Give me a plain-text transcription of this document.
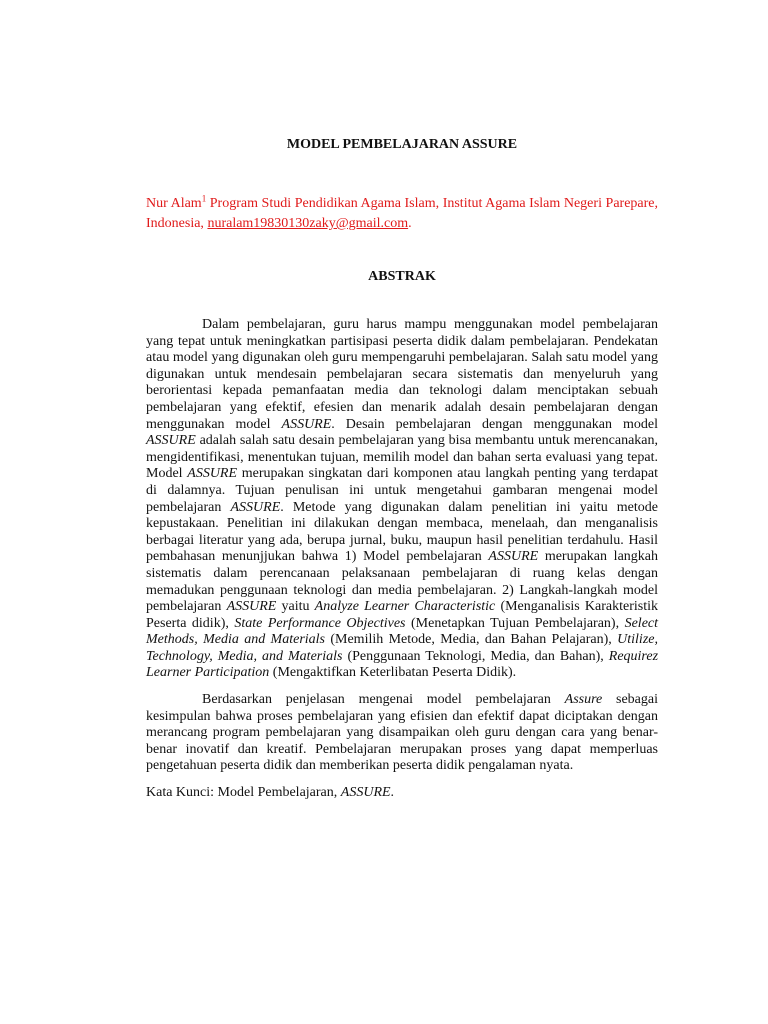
MODEL PEMBELAJARAN ASSURE
Nur Alam$^1$ Program Studi Pendidikan Agama Islam, Institut Agama Islam Negeri Parepare, Indonesia, nuralam19830130zaky@gmail.com.
ABSTRAK

Dalam pembelajaran, guru harus mampu menggunakan model pembelajaran yang tepat untuk meningkatkan partisipasi peserta didik dalam pembelajaran. Pendekatan atau model yang digunakan oleh guru mempengaruhi pembelajaran. Salah satu model yang digunakan untuk mendesain pembelajaran secara sistematis dan menyeluruh yang berorientasi kepada pemanfaatan media dan teknologi dalam menciptakan sebuah pembelajaran yang efektif, efesien dan menarik adalah desain pembelajaran dengan menggunakan model ASSURE. Desain pembelajaran dengan menggunakan model ASSURE adalah salah satu desain pembelajaran yang bisa membantu untuk merencanakan, mengidentifikasi, menentukan tujuan, memilih model dan bahan serta evaluasi yang tepat. Model ASSURE merupakan singkatan dari komponen atau langkah penting yang terdapat di dalamnya. Tujuan penulisan ini untuk mengetahui gambaran mengenai model pembelajaran ASSURE. Metode yang digunakan dalam penelitian ini yaitu metode kepustakaan. Penelitian ini dilakukan dengan membaca, menelaah, dan menganalisis berbagai literatur yang ada, berupa jurnal, buku, maupun hasil penelitian terdahulu. Hasil pembahasan menunjjukan bahwa 1) Model pembelajaran ASSURE merupakan langkah sistematis dalam perencanaan pelaksanaan pembelajaran di ruang kelas dengan memadukan penggunaan teknologi dan media pembelajaran. 2) Langkah-langkah model pembelajaran ASSURE yaitu Analyze Learner Characteristic (Menganalisis Karakteristik Peserta didik), State Performance Objectives (Menetapkan Tujuan Pembelajaran), Select Methods, Media and Materials (Memilih Metode, Media, dan Bahan Pelajaran), Utilize, Technology, Media, and Materials (Penggunaan Teknologi, Media, dan Bahan), Requirez Learner Participation (Mengaktifkan Keterlibatan Peserta Didik).

Berdasarkan penjelasan mengenai model pembelajaran Assure sebagai kesimpulan bahwa proses pembelajaran yang efisien dan efektif dapat diciptakan dengan merancang program pembelajaran yang disampaikan oleh guru dengan cara yang benar-benar inovatif dan kreatif. Pembelajaran merupakan proses yang dapat memperluas pengetahuan peserta didik dan memberikan peserta didik pengalaman nyata.

Kata Kunci: Model Pembelajaran, ASSURE.
